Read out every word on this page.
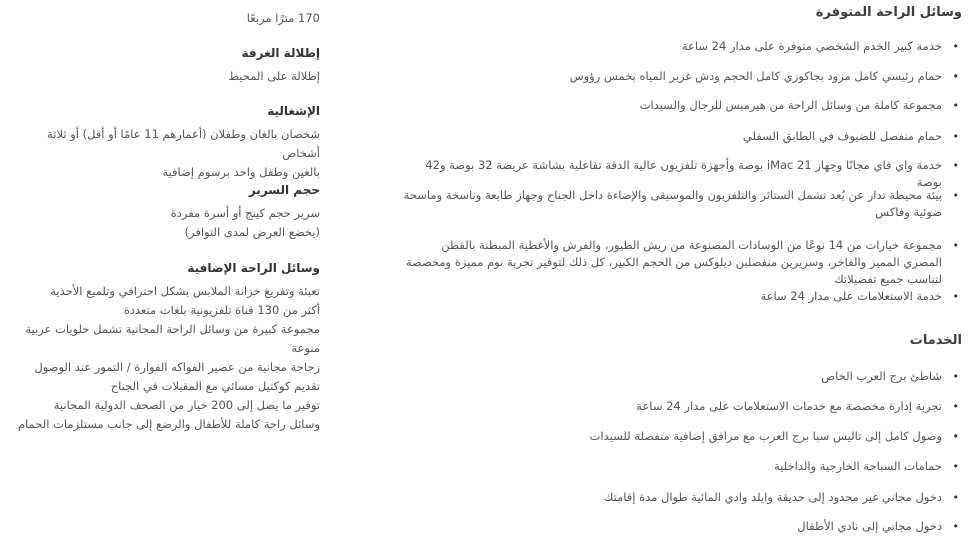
وسائل الراحة المتوفرة
• خدمة كبير الخدم الشخصي متوفرة على مدار 24 ساعة
• حمام رئيسي كامل مزود بجاكوزي كامل الحجم ودش غزير المياه بخمس رؤوس
• مجموعة كاملة من وسائل الراحة من هيرميس للرجال والسيدات
• حمام منفصل للضيوف في الطابق السفلي
• خدمة واي فاي مجانًا وجهاز iMac 21 بوصة وأجهزة تلفزيون عالية الدقة تفاعلية بشاشة عريضة 32 بوصة و42 بوصة
• بيئة محيطة تدار عن بُعد تشمل الستائر والتلفزيون والموسيقى والإضاءة داخل الجناح وجهاز طابعة وناسخة وماسحة ضوئية وفاكس
• مجموعة خيارات من 14 نوعًا من الوسادات المصنوعة من ريش الطيور، والفرش والأغطية المبطنة بالقطن المصري المميز والفاخر، وسريرين منفصلين ديلوكس من الحجم الكبير، كل ذلك لتوفير تجربة نوم مميزة ومخصصة لتناسب جميع تفضيلاتك
• خدمة الاستعلامات على مدار 24 ساعة
الخدمات
• شاطئ برج العرب الخاص
• تجربة إدارة مخصصة مع خدمات الاستعلامات على مدار 24 ساعة
• وصول كامل إلى تاليس سبا برج العرب مع مرافق إضافية منفصلة للسيدات
• حمامات السباحة الخارجية والداخلية
• دخول مجاني غير محدود إلى حديقة وايلد وادي المائية طوال مدة إقامتك
• دخول مجاني إلى نادي الأطفال

170 مترًا مربعًا

إطلالة الغرفة

إطلالة على المحيط

الإشغالية

شخصان بالغان وطفلان (أعمارهم 11 عامًا أو أقل) أو ثلاثة أشخاص

بالغين وطفل واحد برسوم إضافية

حجم السرير

سرير حجم كينج أو أسرة مفردة

(يخضع العرض لمدى التوافر)

وسائل الراحة الإضافية

تعبئة وتفريغ خزانة الملابس بشكل احترافي وتلميع الأحذية

أكثر من 130 قناة تلفزيونية بلغات متعددة

مجموعة كبيرة من وسائل الراحة المجانية تشمل حلويات عربية

منوعة

زجاجة مجانية من عصير الفواكه الفوارة / التمور عند الوصول

تقديم كوكتيل مسائي مع المقبلات في الجناح

توفير ما يصل إلى 200 خيار من الصحف الدولية المجانية

وسائل راحة كاملة للأطفال والرضع إلى جانب مستلزمات الحمام
